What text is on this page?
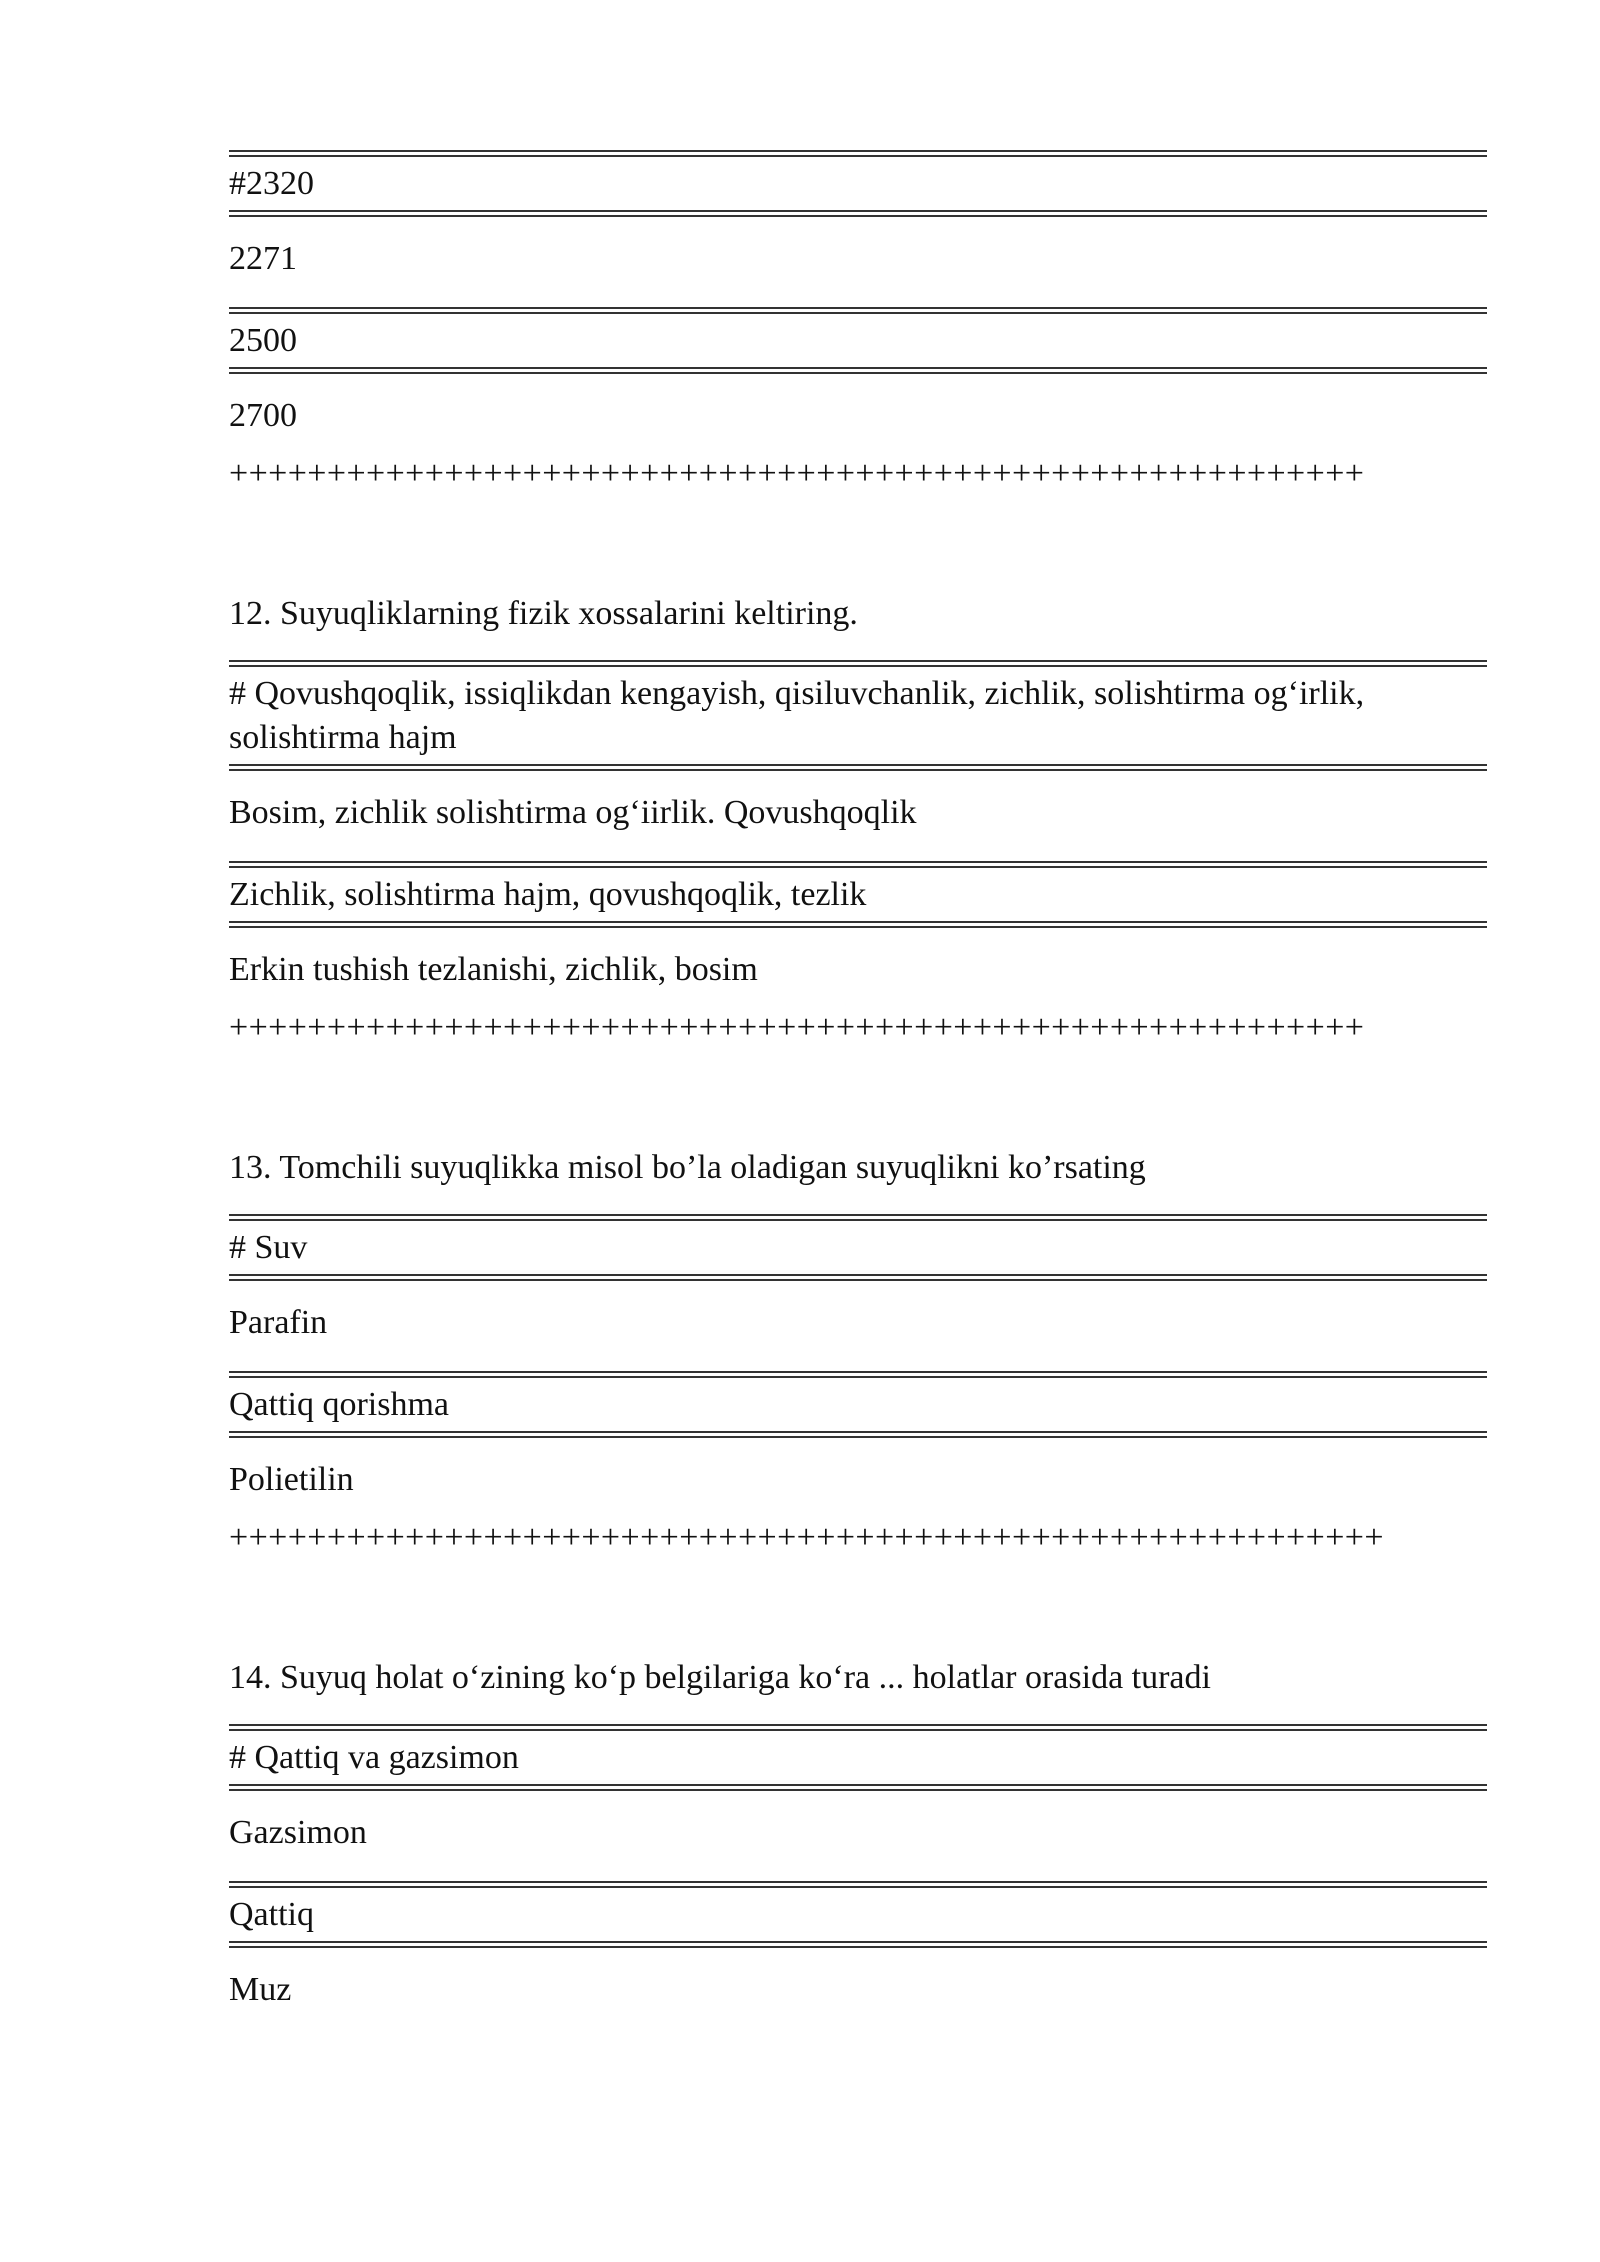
#2320
2271
2500
2700
++++++++++++++++++++++++++++++++++++++++++++++++++++++++++
12. Suyuqliklarning fizik xossalarini keltiring.
# Qovushqoqlik, issiqlikdan kengayish, qisiluvchanlik, zichlik, solishtirma og‘irlik, solishtirma hajm
Bosim, zichlik solishtirma og‘iirlik. Qovushqoqlik
Zichlik, solishtirma hajm, qovushqoqlik, tezlik
Erkin tushish tezlanishi, zichlik, bosim
++++++++++++++++++++++++++++++++++++++++++++++++++++++++++
13. Tomchili suyuqlikka misol bo’la oladigan suyuqlikni ko’rsating
# Suv
Parafin
Qattiq qorishma
Polietilin
+++++++++++++++++++++++++++++++++++++++++++++++++++++++++++
14. Suyuq holat o‘zining ko‘p belgilariga ko‘ra ... holatlar orasida turadi
# Qattiq va gazsimon
Gazsimon
Qattiq
Muz
